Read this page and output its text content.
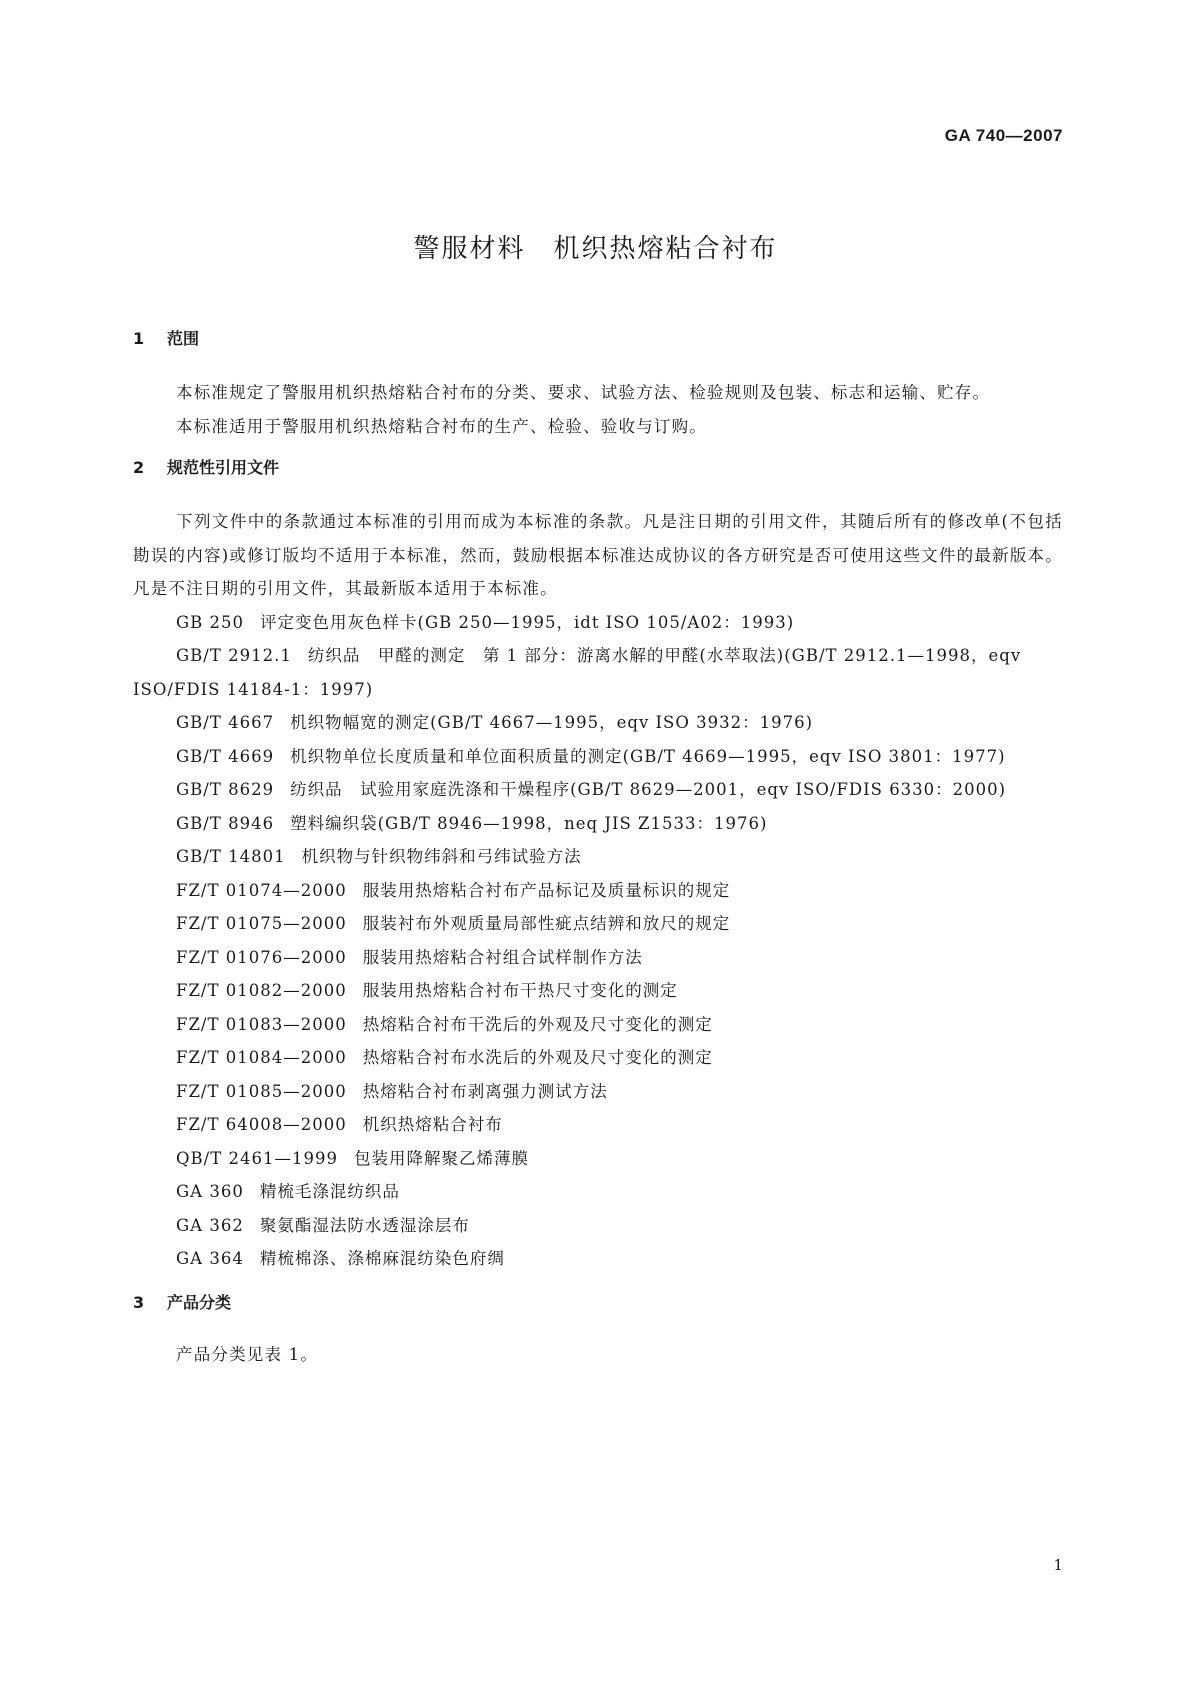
GA 740—2007
警服材料　机织热熔粘合衬布
1 范围

本标准规定了警服用机织热熔粘合衬布的分类、要求、试验方法、检验规则及包装、标志和运输、贮存。

本标准适用于警服用机织热熔粘合衬布的生产、检验、验收与订购。

2 规范性引用文件

下列文件中的条款通过本标准的引用而成为本标准的条款。凡是注日期的引用文件，其随后所有的修改单(不包括勘误的内容)或修订版均不适用于本标准，然而，鼓励根据本标准达成协议的各方研究是否可使用这些文件的最新版本。凡是不注日期的引用文件，其最新版本适用于本标准。

GB 250 评定变色用灰色样卡(GB 250—1995，idt ISO 105/A02：1993)

GB/T 2912.1 纺织品　甲醛的测定　第 1 部分：游离水解的甲醛(水萃取法)(GB/T 2912.1—1998，eqv ISO/FDIS 14184-1：1997)

GB/T 4667 机织物幅宽的测定(GB/T 4667—1995，eqv ISO 3932：1976)

GB/T 4669 机织物单位长度质量和单位面积质量的测定(GB/T 4669—1995，eqv ISO 3801：1977)

GB/T 8629 纺织品　试验用家庭洗涤和干燥程序(GB/T 8629—2001，eqv ISO/FDIS 6330：2000)

GB/T 8946 塑料编织袋(GB/T 8946—1998，neq JIS Z1533：1976)

GB/T 14801 机织物与针织物纬斜和弓纬试验方法

FZ/T 01074—2000 服装用热熔粘合衬布产品标记及质量标识的规定

FZ/T 01075—2000 服装衬布外观质量局部性疵点结辨和放尺的规定

FZ/T 01076—2000 服装用热熔粘合衬组合试样制作方法

FZ/T 01082—2000 服装用热熔粘合衬布干热尺寸变化的测定

FZ/T 01083—2000 热熔粘合衬布干洗后的外观及尺寸变化的测定

FZ/T 01084—2000 热熔粘合衬布水洗后的外观及尺寸变化的测定

FZ/T 01085—2000 热熔粘合衬布剥离强力测试方法

FZ/T 64008—2000 机织热熔粘合衬布

QB/T 2461—1999 包装用降解聚乙烯薄膜

GA 360 精梳毛涤混纺织品

GA 362 聚氨酯湿法防水透湿涂层布

GA 364 精梳棉涤、涤棉麻混纺染色府绸

3 产品分类

产品分类见表 1。

1
